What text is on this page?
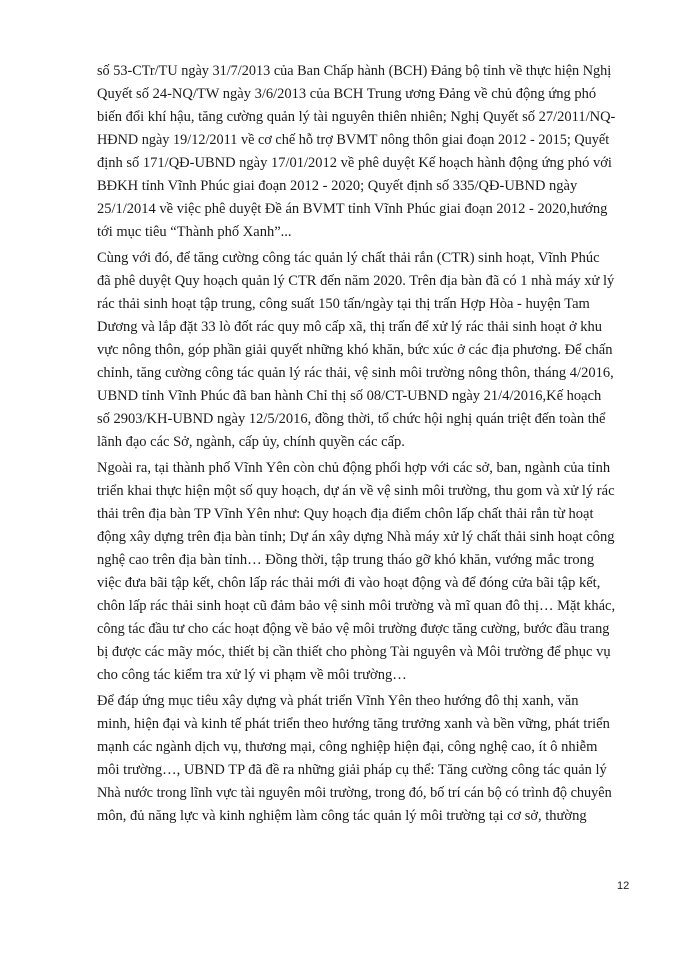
số 53-CTr/TU ngày 31/7/2013 của Ban Chấp hành (BCH) Đảng bộ tỉnh về thực hiện Nghị
Quyết số 24-NQ/TW ngày 3/6/2013 của BCH Trung ương Đảng về chủ động ứng phó
biến đổi khí hậu, tăng cường quản lý tài nguyên thiên nhiên; Nghị Quyết số 27/2011/NQ-
HĐND ngày 19/12/2011 về cơ chế hỗ trợ BVMT nông thôn giai đoạn 2012 - 2015; Quyết
định số 171/QĐ-UBND ngày 17/01/2012 về phê duyệt Kế hoạch hành động ứng phó với
BĐKH tỉnh Vĩnh Phúc giai đoạn 2012 - 2020; Quyết định số 335/QĐ-UBND ngày
25/1/2014 về việc phê duyệt Đề án BVMT tỉnh Vĩnh Phúc giai đoạn 2012 - 2020,hướng
tới mục tiêu “Thành phố Xanh”...
Cùng với đó, để tăng cường công tác quản lý chất thải rắn (CTR) sinh hoạt, Vĩnh Phúc
đã phê duyệt Quy hoạch quản lý CTR đến năm 2020. Trên địa bàn đã có 1 nhà máy xử lý
rác thải sinh hoạt tập trung, công suất 150 tấn/ngày tại thị trấn Hợp Hòa - huyện Tam
Dương và lắp đặt 33 lò đốt rác quy mô cấp xã, thị trấn để xử lý rác thải sinh hoạt ở khu
vực nông thôn, góp phần giải quyết những khó khăn, bức xúc ở các địa phương. Để chấn
chỉnh, tăng cường công tác quản lý rác thải, vệ sinh môi trường nông thôn, tháng 4/2016,
UBND tỉnh Vĩnh Phúc đã ban hành Chỉ thị số 08/CT-UBND ngày 21/4/2016,Kế hoạch
số 2903/KH-UBND ngày 12/5/2016, đồng thời, tổ chức hội nghị quán triệt đến toàn thể
lãnh đạo các Sở, ngành, cấp ủy, chính quyền các cấp.
Ngoài ra, tại thành phố Vĩnh Yên còn chủ động phối hợp với các sở, ban, ngành của tỉnh
triển khai thực hiện một số quy hoạch, dự án về vệ sinh môi trường, thu gom và xử lý rác
thải trên địa bàn TP Vĩnh Yên như: Quy hoạch địa điểm chôn lấp chất thải rắn từ hoạt
động xây dựng trên địa bàn tỉnh; Dự án xây dựng Nhà máy xử lý chất thải sinh hoạt công
nghệ cao trên địa bàn tỉnh… Đồng thời, tập trung tháo gỡ khó khăn, vướng mắc trong
việc đưa bãi tập kết, chôn lấp rác thải mới đi vào hoạt động và để đóng cửa bãi tập kết,
chôn lấp rác thải sinh hoạt cũ đảm bảo vệ sinh môi trường và mĩ quan đô thị… Mặt khác,
công tác đầu tư cho các hoạt động về bảo vệ môi trường được tăng cường, bước đầu trang
bị được các mãy móc, thiết bị cần thiết cho phòng Tài nguyên và Môi trường để phục vụ
cho công tác kiểm tra xử lý vi phạm về môi trường…
Để đáp ứng mục tiêu xây dựng và phát triển Vĩnh Yên theo hướng đô thị xanh, văn
minh, hiện đại và kinh tế phát triển theo hướng tăng trưởng xanh và bền vững, phát triển
mạnh các ngành dịch vụ, thương mại, công nghiệp hiện đại, công nghệ cao, ít ô nhiễm
môi trường…, UBND TP đã đề ra những giải pháp cụ thể: Tăng cường công tác quản lý
Nhà nước trong lĩnh vực tài nguyên môi trường, trong đó, bố trí cán bộ có trình độ chuyên
môn, đủ năng lực và kinh nghiệm làm công tác quản lý môi trường tại cơ sở, thường
12
